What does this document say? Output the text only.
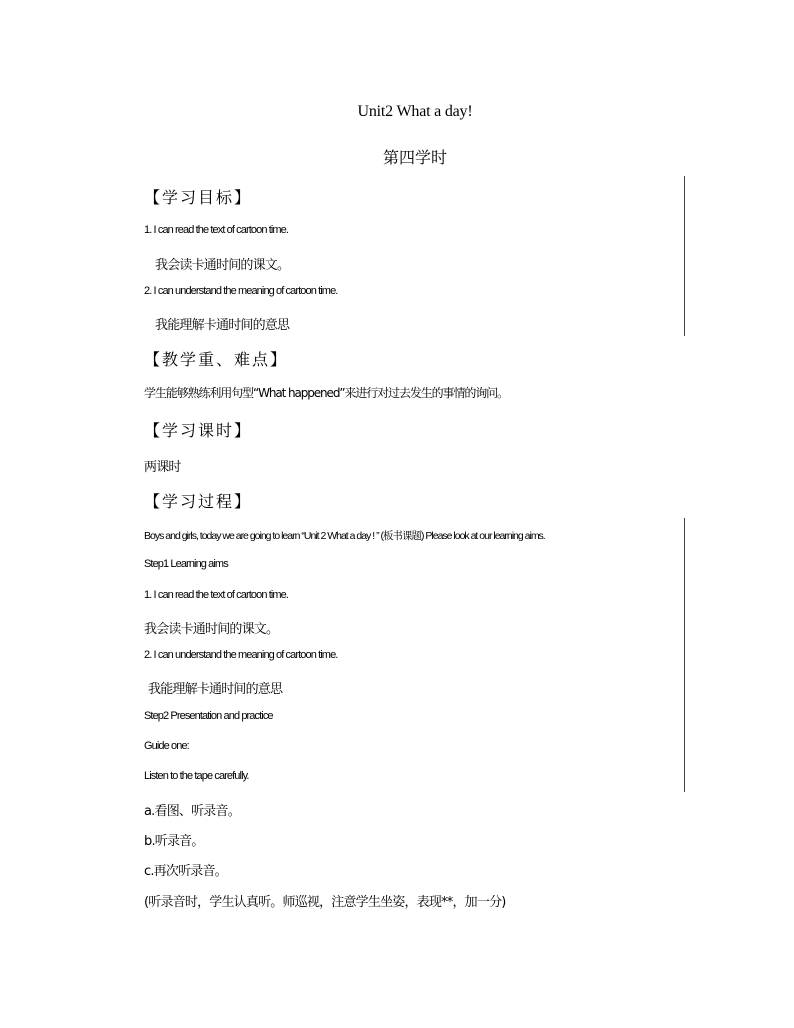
Unit2 What a day!
第四学时
【学习目标】
1. I can read the text of cartoon time.
我会读卡通时间的课文。
2. I can understand the meaning of cartoon time.
我能理解卡通时间的意思
【教学重、难点】
学生能够熟练利用句型“What happened”来进行对过去发生的事情的询问。
【学习课时】
两课时
【学习过程】
Boys and girls, today we are going to learn “Unit 2 What a day ! ” (板书课题) Please look at our learning aims.
Step1 Learning aims
1. I can read the text of cartoon time.
我会读卡通时间的课文。
2. I can understand the meaning of cartoon time.
我能理解卡通时间的意思
Step2 Presentation and practice
Guide one:
Listen to the tape carefully.
a.看图、听录音。
b.听录音。
c.再次听录音。
(听录音时，学生认真听。师巡视，注意学生坐姿，表现**，加一分)
